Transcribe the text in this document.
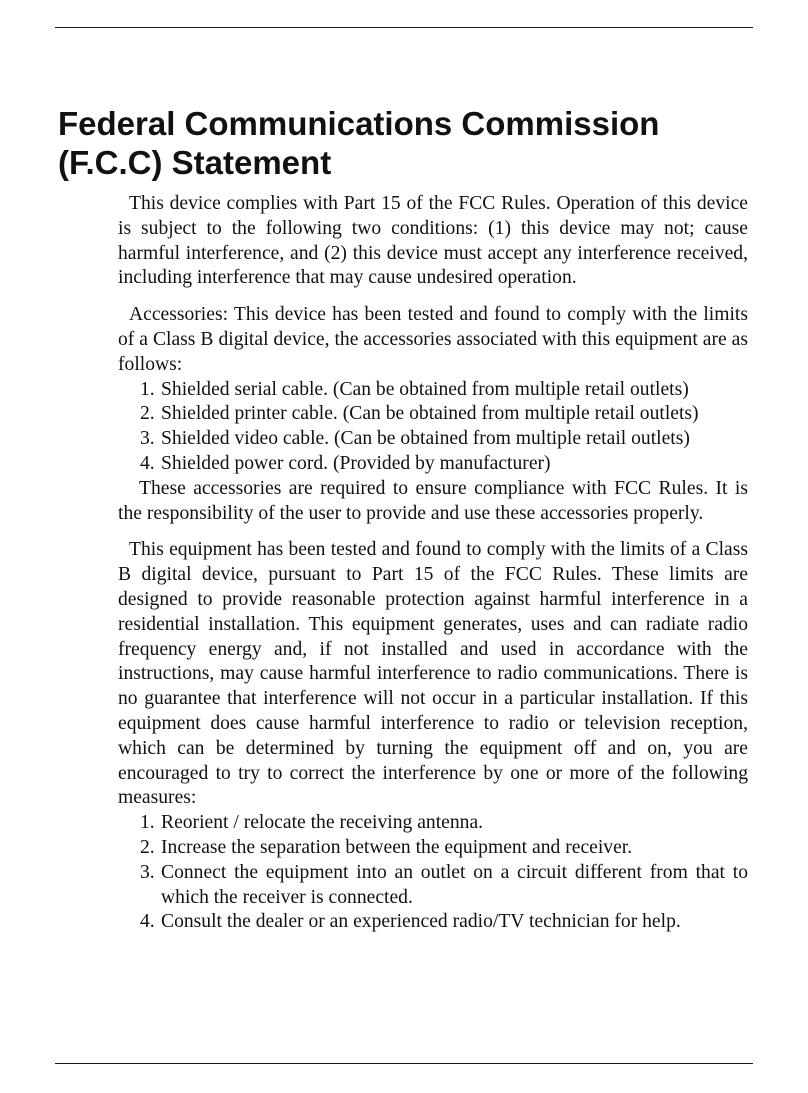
Federal Communications Commission
(F.C.C) Statement

This device complies with Part 15 of the FCC Rules. Operation of this device is subject to the following two conditions: (1) this device may not; cause harmful interference, and (2) this device must accept any interference received, including interference that may cause undesired operation.

Accessories: This device has been tested and found to comply with the limits of a Class B digital device, the accessories associated with this equipment are as follows:

1. Shielded serial cable. (Can be obtained from multiple retail outlets)
2. Shielded printer cable. (Can be obtained from multiple retail outlets)
3. Shielded video cable. (Can be obtained from multiple retail outlets)
4. Shielded power cord. (Provided by manufacturer)

These accessories are required to ensure compliance with FCC Rules. It is the responsibility of the user to provide and use these accessories properly.

This equipment has been tested and found to comply with the limits of a Class B digital device, pursuant to Part 15 of the FCC Rules. These limits are designed to provide reasonable protection against harmful interference in a residential installation. This equipment generates, uses and can radiate radio frequency energy and, if not installed and used in accordance with the instructions, may cause harmful interference to radio communications. There is no guarantee that interference will not occur in a particular installation. If this equipment does cause harmful interference to radio or television reception, which can be determined by turning the equipment off and on, you are encouraged to try to correct the interference by one or more of the following measures:

1. Reorient / relocate the receiving antenna.
2. Increase the separation between the equipment and receiver.
3. Connect the equipment into an outlet on a circuit different from that to which the receiver is connected.
4. Consult the dealer or an experienced radio/TV technician for help.
